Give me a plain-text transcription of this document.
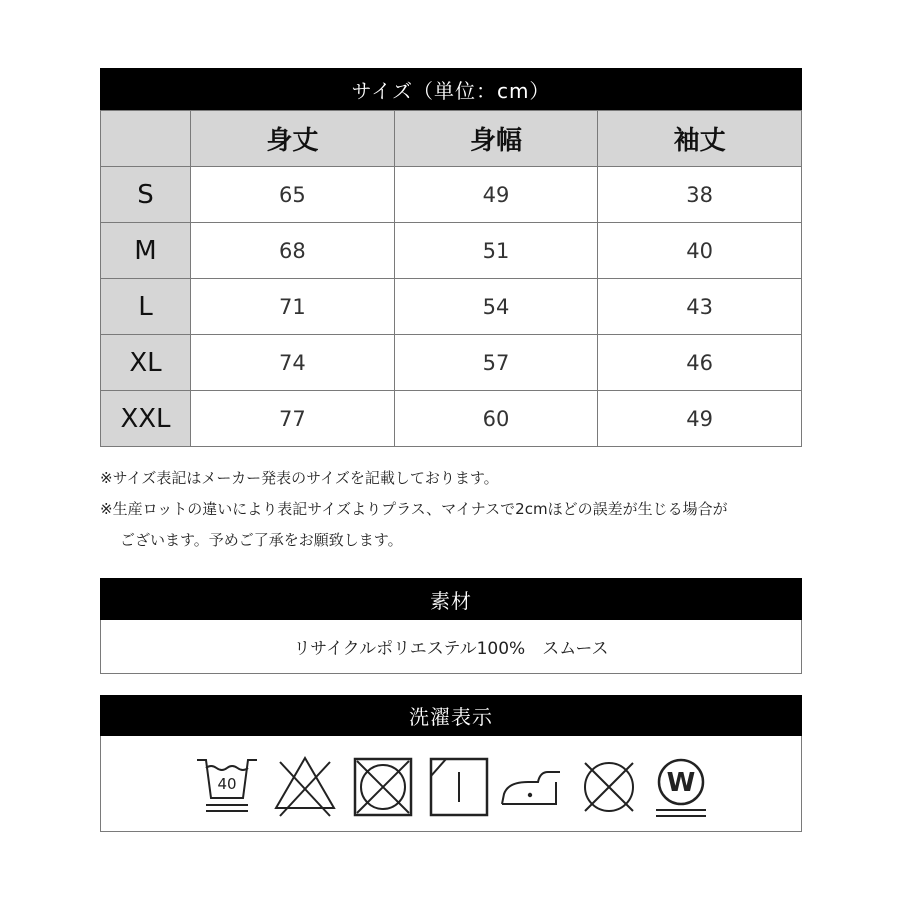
サイズ（単位：cm）
	身丈	身幅	袖丈
S	65	49	38
M	68	51	40
L	71	54	43
XL	74	57	46
XXL	77	60	49
※サイズ表記はメーカー発表のサイズを記載しております。
※生産ロットの違いにより表記サイズよりプラス、マイナスで2cmほどの誤差が生じる場合が
ございます。予めご了承をお願致します。
素材
リサイクルポリエステル100%　スムース
洗濯表示
40	W
